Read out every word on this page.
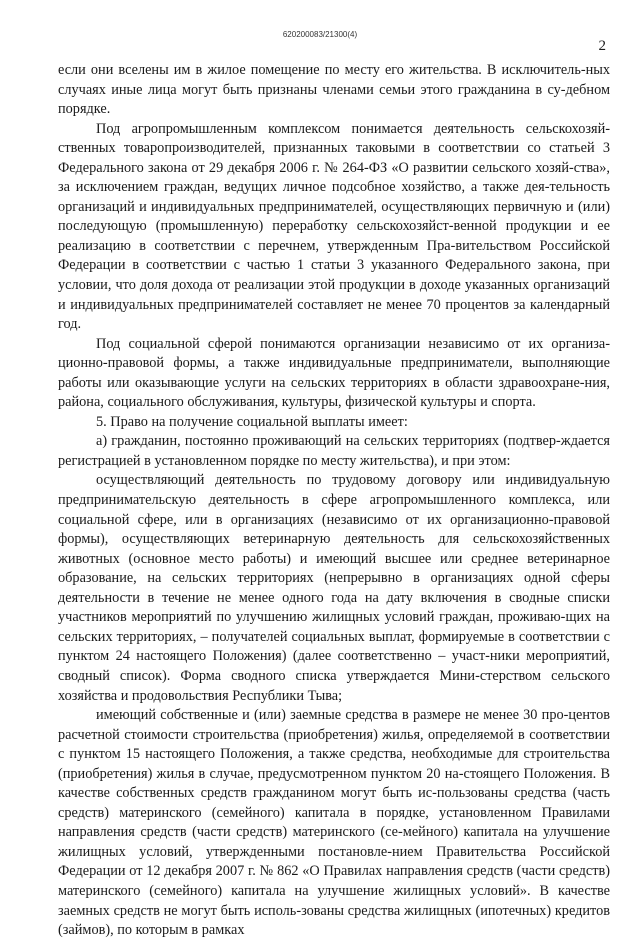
620200083/21300(4)
2

если они вселены им в жилое помещение по месту его жительства. В исключитель-ных случаях иные лица могут быть признаны членами семьи этого гражданина в су-дебном порядке.

Под агропромышленным комплексом понимается деятельность сельскохозяй-ственных товаропроизводителей, признанных таковыми в соответствии со статьей 3 Федерального закона от 29 декабря 2006 г. № 264-ФЗ «О развитии сельского хозяй-ства», за исключением граждан, ведущих личное подсобное хозяйство, а также дея-тельность организаций и индивидуальных предпринимателей, осуществляющих первичную и (или) последующую (промышленную) переработку сельскохозяйст-венной продукции и ее реализацию в соответствии с перечнем, утвержденным Пра-вительством Российской Федерации в соответствии с частью 1 статьи 3 указанного Федерального закона, при условии, что доля дохода от реализации этой продукции в доходе указанных организаций и индивидуальных предпринимателей составляет не менее 70 процентов за календарный год.

Под социальной сферой понимаются организации независимо от их организа-ционно-правовой формы, а также индивидуальные предприниматели, выполняющие работы или оказывающие услуги на сельских территориях в области здравоохране-ния, района, социального обслуживания, культуры, физической культуры и спорта.

5. Право на получение социальной выплаты имеет:

а) гражданин, постоянно проживающий на сельских территориях (подтвер-ждается регистрацией в установленном порядке по месту жительства), и при этом:

осуществляющий деятельность по трудовому договору или индивидуальную предпринимательскую деятельность в сфере агропромышленного комплекса, или социальной сфере, или в организациях (независимо от их организационно-правовой формы), осуществляющих ветеринарную деятельность для сельскохозяйственных животных (основное место работы) и имеющий высшее или среднее ветеринарное образование, на сельских территориях (непрерывно в организациях одной сферы деятельности в течение не менее одного года на дату включения в сводные списки участников мероприятий по улучшению жилищных условий граждан, проживаю-щих на сельских территориях, – получателей социальных выплат, формируемые в соответствии с пунктом 24 настоящего Положения) (далее соответственно – участ-ники мероприятий, сводный список). Форма сводного списка утверждается Мини-стерством сельского хозяйства и продовольствия Республики Тыва;

имеющий собственные и (или) заемные средства в размере не менее 30 про-центов расчетной стоимости строительства (приобретения) жилья, определяемой в соответствии с пунктом 15 настоящего Положения, а также средства, необходимые для строительства (приобретения) жилья в случае, предусмотренном пунктом 20 на-стоящего Положения. В качестве собственных средств гражданином могут быть ис-пользованы средства (часть средств) материнского (семейного) капитала в порядке, установленном Правилами направления средств (части средств) материнского (се-мейного) капитала на улучшение жилищных условий, утвержденными постановле-нием Правительства Российской Федерации от 12 декабря 2007 г. № 862 «О Правилах направления средств (части средств) материнского (семейного) капитала на улучшение жилищных условий». В качестве заемных средств не могут быть исполь-зованы средства жилищных (ипотечных) кредитов (займов), по которым в рамках
